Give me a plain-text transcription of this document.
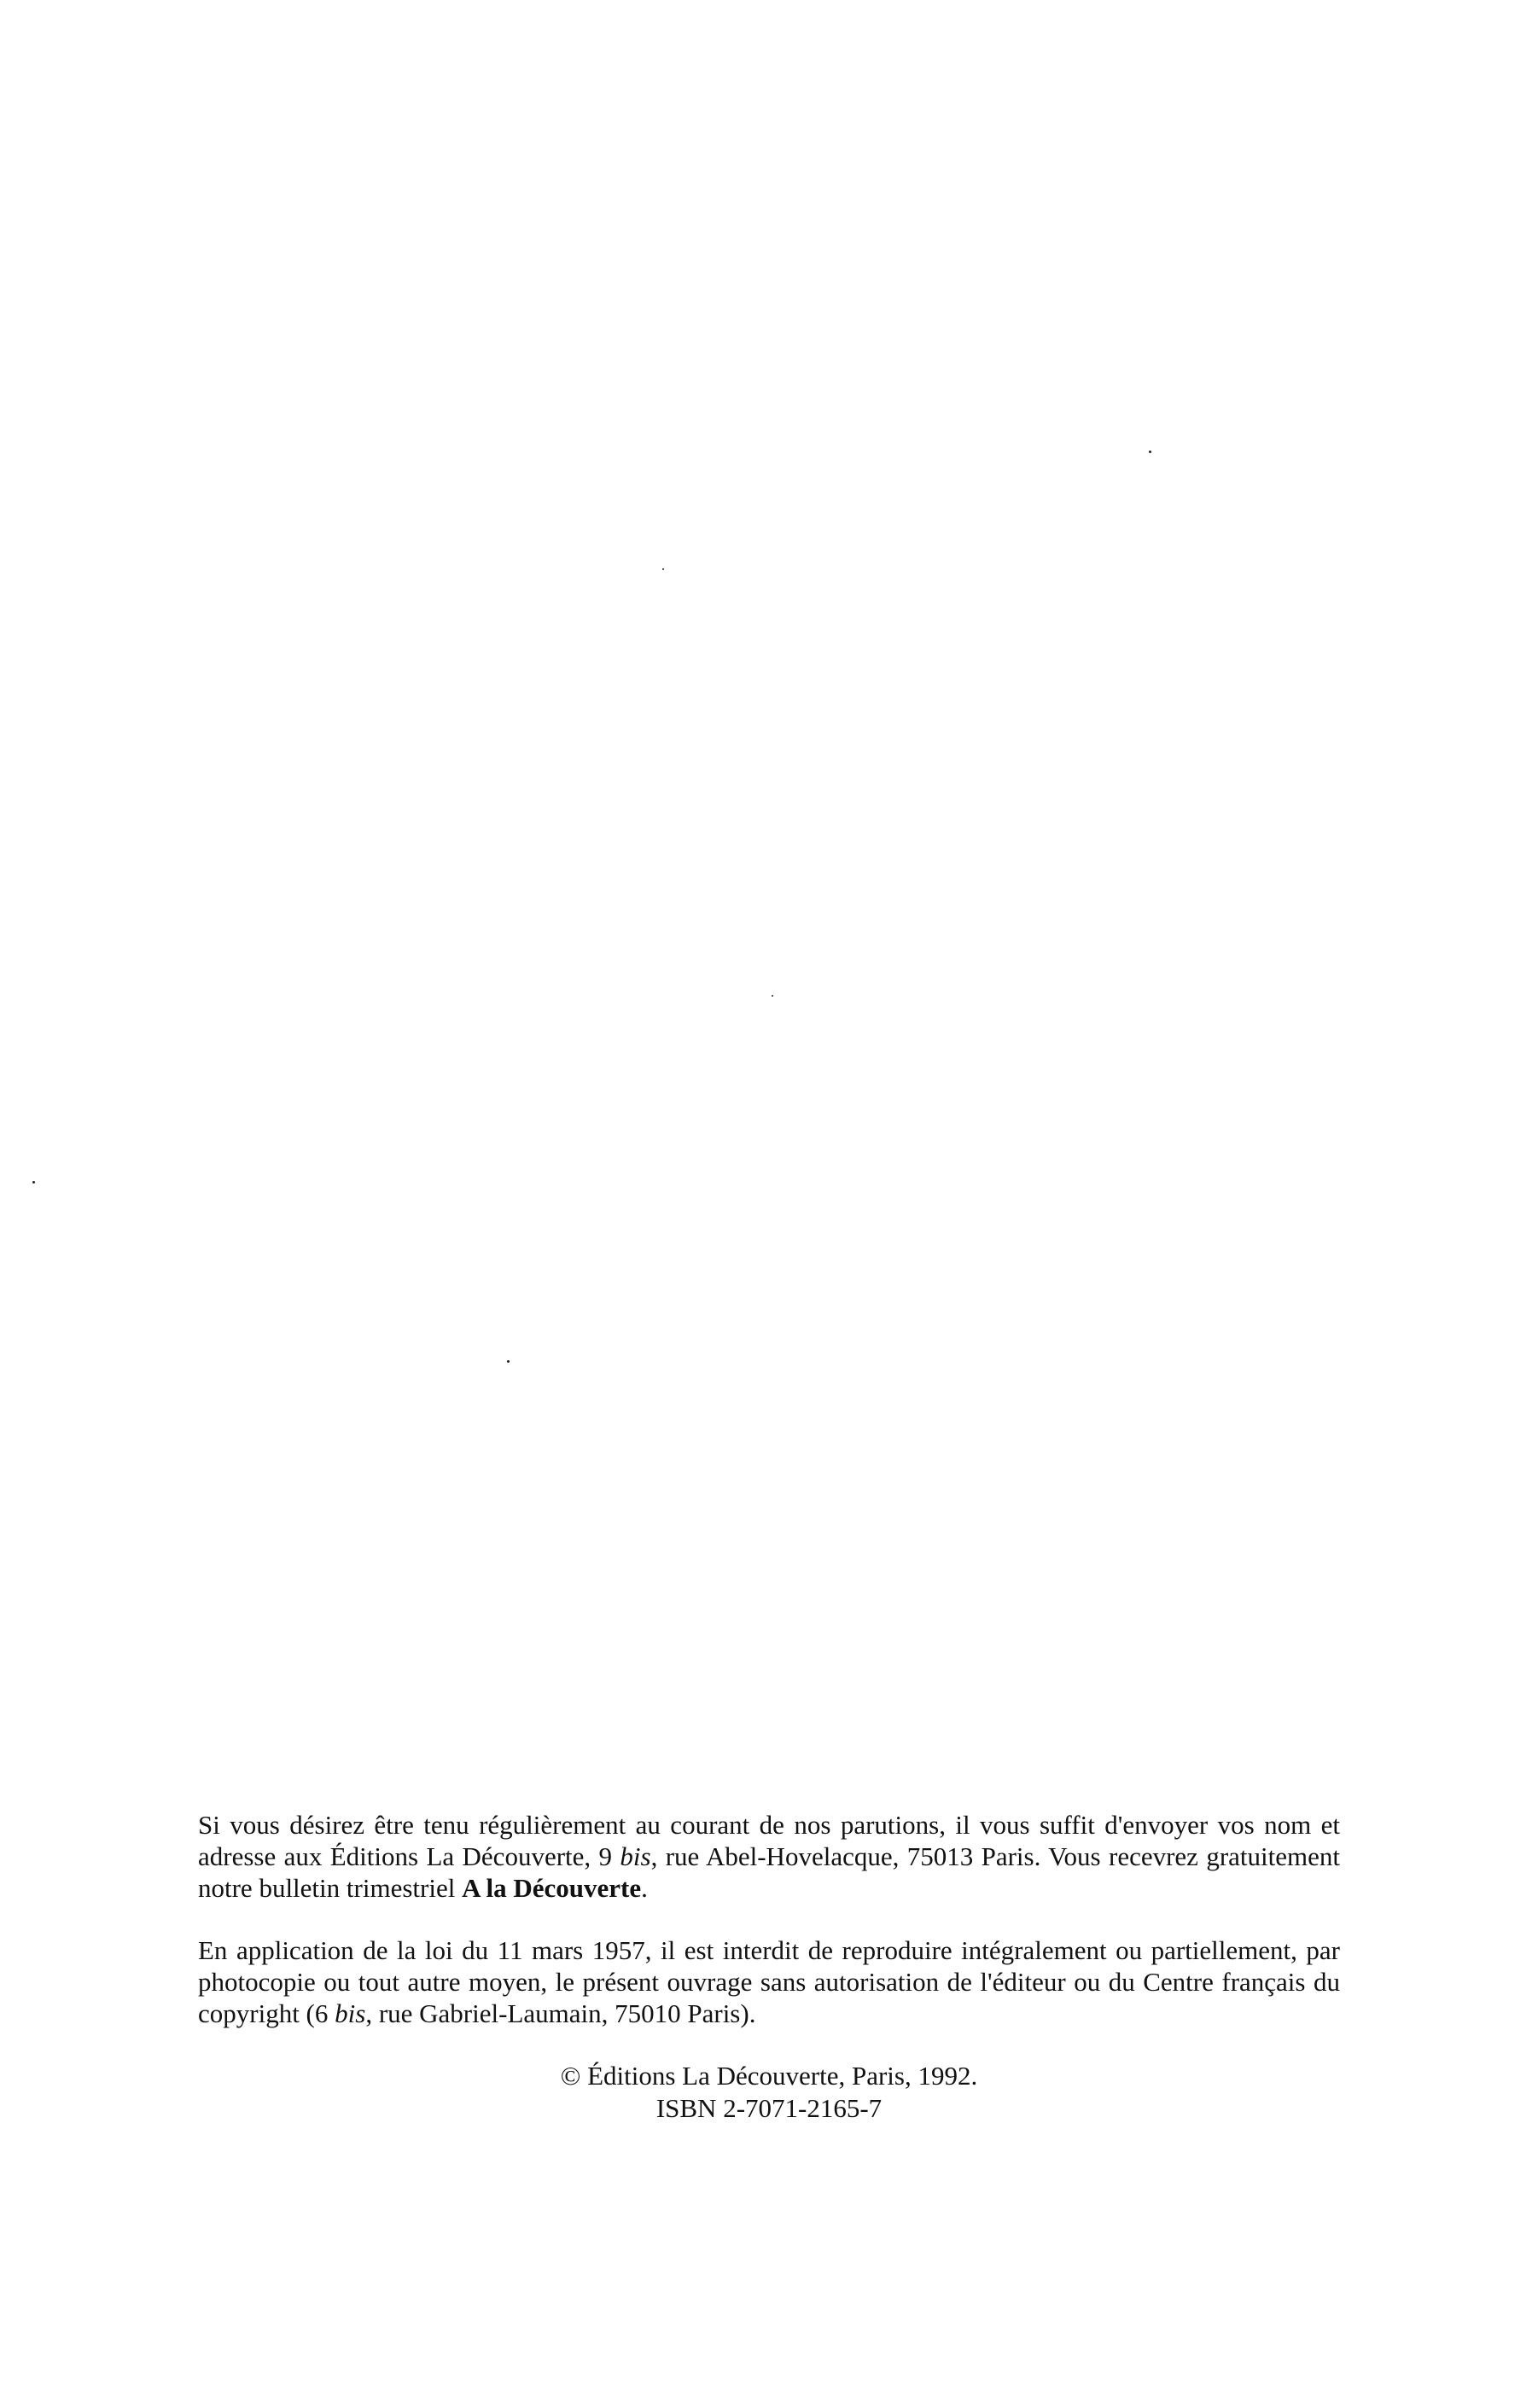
Si vous désirez être tenu régulièrement au courant de nos parutions, il vous suffit d'envoyer vos nom et adresse aux Éditions La Découverte, 9 bis, rue Abel-Hovelacque, 75013 Paris. Vous recevrez gratuitement notre bulletin trimestriel A la Découverte.

En application de la loi du 11 mars 1957, il est interdit de reproduire intégralement ou partiellement, par photocopie ou tout autre moyen, le présent ouvrage sans autorisation de l'éditeur ou du Centre français du copyright (6 bis, rue Gabriel-Laumain, 75010 Paris).

© Éditions La Découverte, Paris, 1992.

ISBN 2-7071-2165-7
